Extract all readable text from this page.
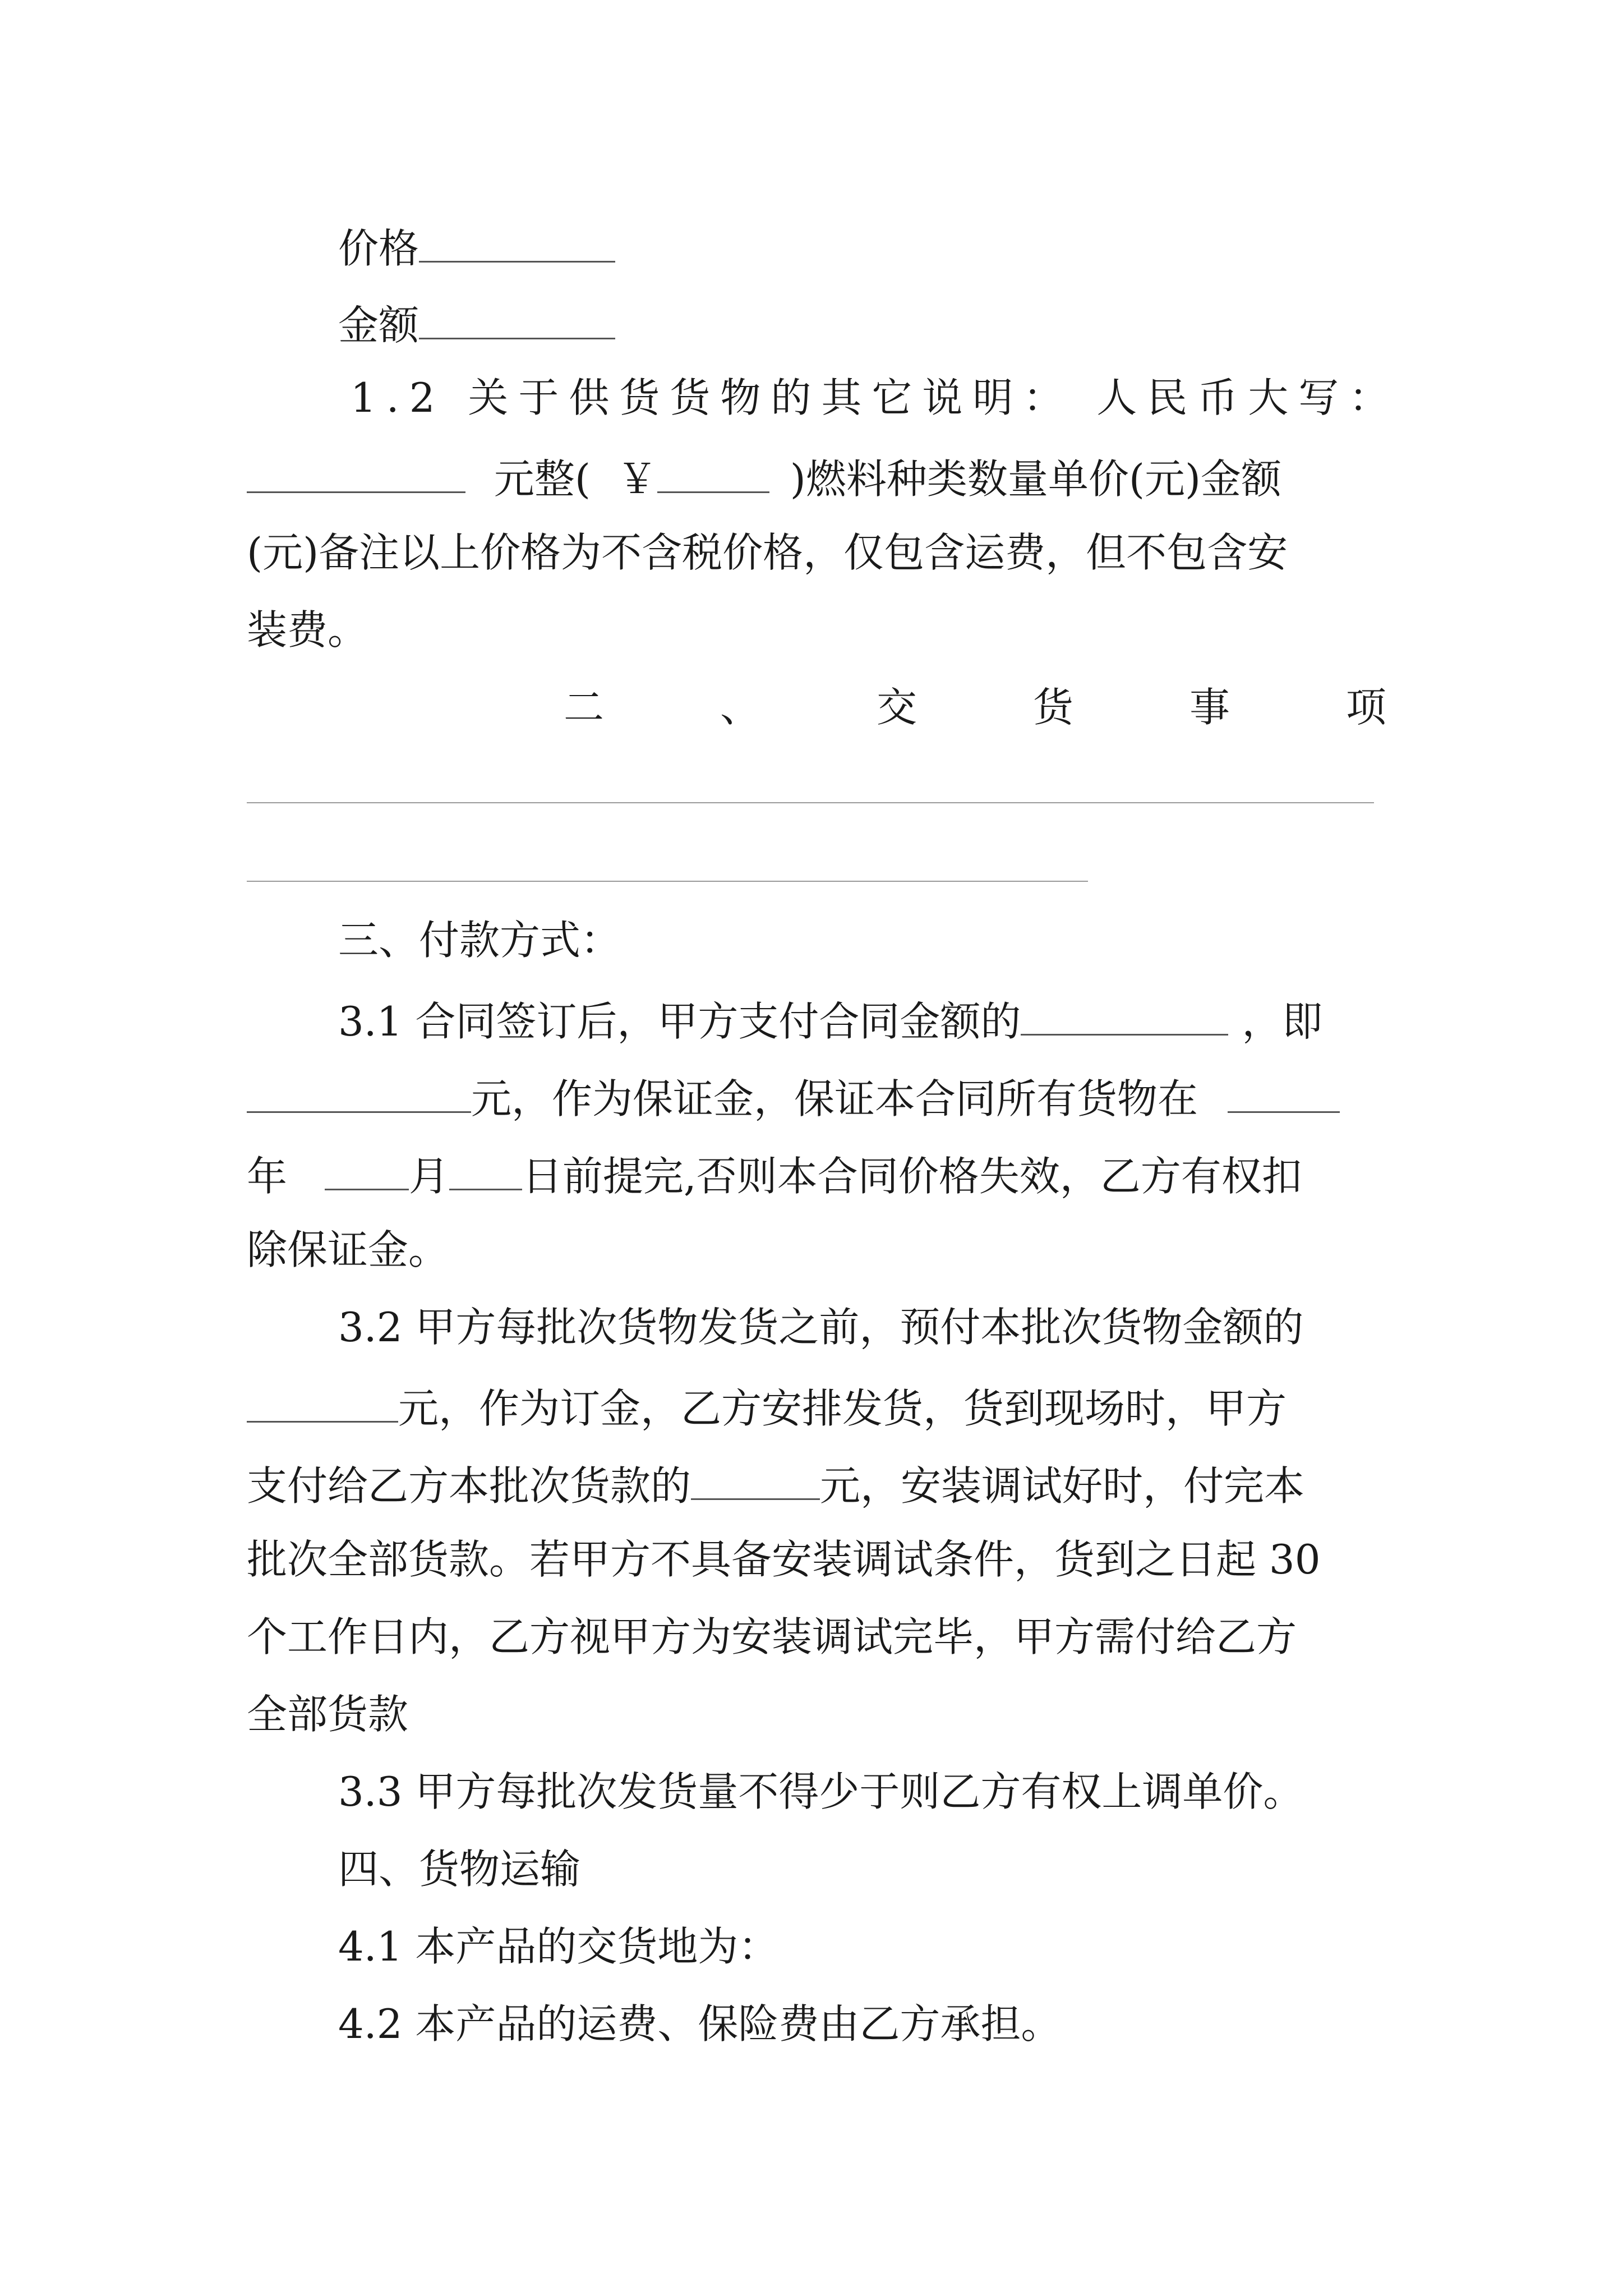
价格
金额
1.2 关于供货货物的其它说明： 人民币大写：
元整( ￥	)燃料种类数量单价(元)金额
(元)备注以上价格为不含税价格，仅包含运费，但不包含安
装费。
二	、	交	货	事	项
三、付款方式：
3.1 合同签订后，甲方支付合同金额的	，即
元，作为保证金，保证本合同所有货物在
年	月 日前提完,否则本合同价格失效，乙方有权扣
除保证金。
3.2 甲方每批次货物发货之前，预付本批次货物金额的
元，作为订金，乙方安排发货，货到现场时，甲方
支付给乙方本批次货款的	元，安装调试好时，付完本
批次全部货款。若甲方不具备安装调试条件，货到之日起 30
个工作日内，乙方视甲方为安装调试完毕，甲方需付给乙方
全部货款
3.3 甲方每批次发货量不得少于则乙方有权上调单价。
四、货物运输
4.1 本产品的交货地为：
4.2 本产品的运费、保险费由乙方承担。
